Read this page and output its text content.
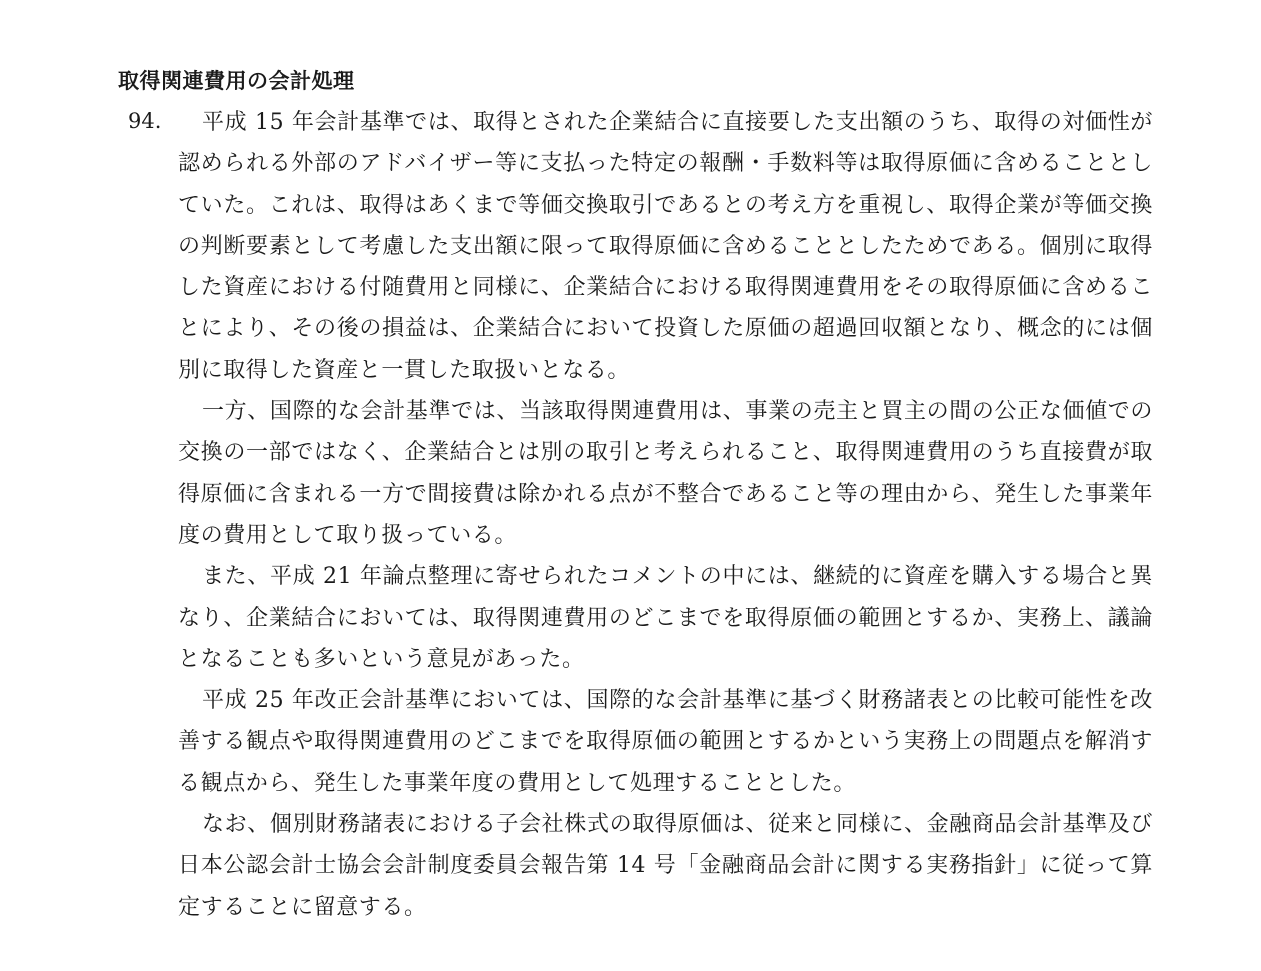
取得関連費用の会計処理
94.	平成 15 年会計基準では、取得とされた企業結合に直接要した支出額のうち、取得の対価性が認められる外部のアドバイザー等に支払った特定の報酬・手数料等は取得原価に含めることとしていた。これは、取得はあくまで等価交換取引であるとの考え方を重視し、取得企業が等価交換の判断要素として考慮した支出額に限って取得原価に含めることとしたためである。個別に取得した資産における付随費用と同様に、企業結合における取得関連費用をその取得原価に含めることにより、その後の損益は、企業結合において投資した原価の超過回収額となり、概念的には個別に取得した資産と一貫した取扱いとなる。

一方、国際的な会計基準では、当該取得関連費用は、事業の売主と買主の間の公正な価値での交換の一部ではなく、企業結合とは別の取引と考えられること、取得関連費用のうち直接費が取得原価に含まれる一方で間接費は除かれる点が不整合であること等の理由から、発生した事業年度の費用として取り扱っている。

また、平成 21 年論点整理に寄せられたコメントの中には、継続的に資産を購入する場合と異なり、企業結合においては、取得関連費用のどこまでを取得原価の範囲とするか、実務上、議論となることも多いという意見があった。

平成 25 年改正会計基準においては、国際的な会計基準に基づく財務諸表との比較可能性を改善する観点や取得関連費用のどこまでを取得原価の範囲とするかという実務上の問題点を解消する観点から、発生した事業年度の費用として処理することとした。

なお、個別財務諸表における子会社株式の取得原価は、従来と同様に、金融商品会計基準及び日本公認会計士協会会計制度委員会報告第 14 号「金融商品会計に関する実務指針」に従って算定することに留意する。
